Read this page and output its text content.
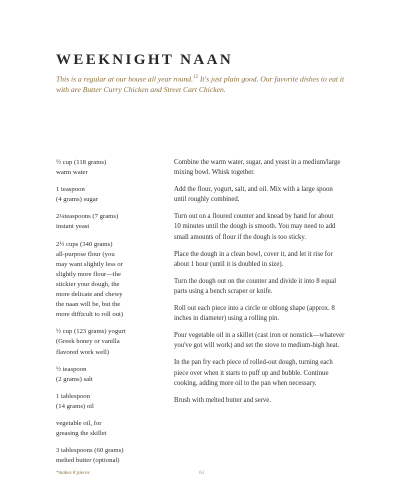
WEEKNIGHT NAAN
This is a regular at our house all year round.$^{12}$ It's just plain good. Our favorite dishes to eat it with are Butter Curry Chicken and Street Cart Chicken.
½ cup (118 grams)
warm water
1 teaspoon
(4 grams) sugar
2¼teaspoons (7 grams)
instant yeast
2½ cups (340 grams)
all-purpose flour (you
may want slightly less or
slightly more flour—the
stickier your dough, the
more delicate and chewy
the naan will be, but the
more difficult to roll out)
½ cup (123 grams) yogurt
(Greek honey or vanilla
flavored work well)
½ teaspoon
(2 grams) salt
1 tablespoon
(14 grams) oil
vegetable oil, for
greasing the skillet
3 tablespoons (60 grams)
melted butter (optional)
*makes 8 pieces
Combine the warm water, sugar, and yeast in a medium/large
mixing bowl. Whisk together.
Add the flour, yogurt, salt, and oil. Mix with a large spoon
until roughly combined.
Turn out on a floured counter and knead by hand for about
10 minutes until the dough is smooth. You may need to add
small amounts of flour if the dough is too sticky.
Place the dough in a clean bowl, cover it, and let it rise for
about 1 hour (until it is doubled in size).
Turn the dough out on the counter and divide it into 8 equal
parts using a bench scraper or knife.
Roll out each piece into a circle or oblong shape (approx. 8
inches in diameter) using a rolling pin.
Pour vegetable oil in a skillet (cast iron or nonstick—whatever
you've got will work) and set the stove to medium-high heat.
In the pan fry each piece of rolled-out dough, turning each
piece over when it starts to puff up and bubble. Continue
cooking, adding more oil to the pan when necessary.
Brush with melted butter and serve.
64
